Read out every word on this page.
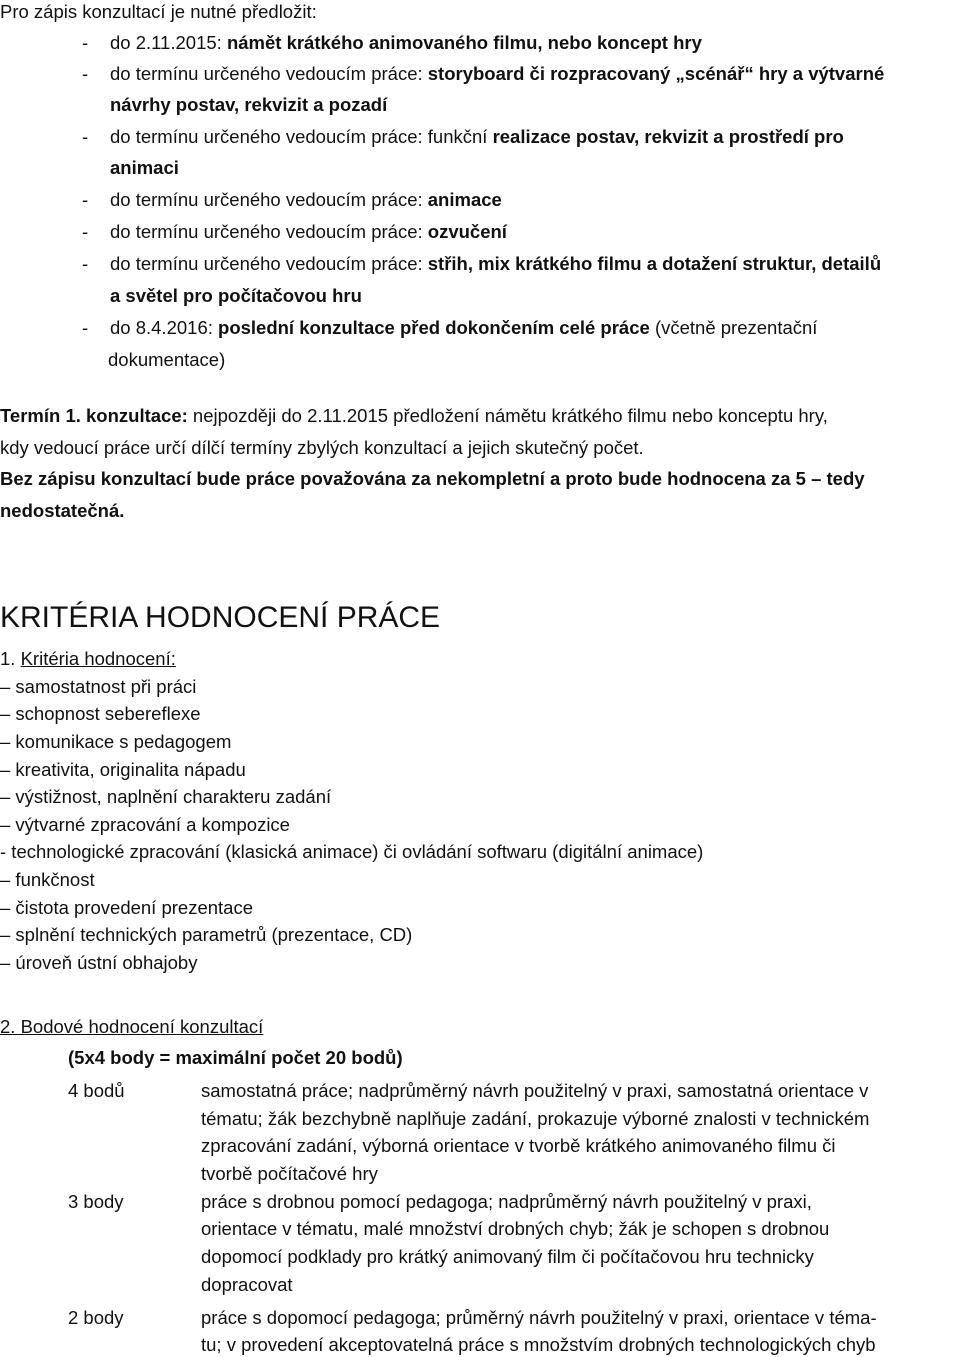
Pro zápis konzultací je nutné předložit:
- do 2.11.2015: námět krátkého animovaného filmu, nebo koncept hry
- do termínu určeného vedoucím práce: storyboard či rozpracovaný „scénář“ hry a výtvarné
návrhy postav, rekvizit a pozadí
- do termínu určeného vedoucím práce: funkční realizace postav, rekvizit a prostředí pro
animaci
- do termínu určeného vedoucím práce: animace
- do termínu určeného vedoucím práce: ozvučení
- do termínu určeného vedoucím práce: střih, mix krátkého filmu a dotažení struktur, detailů
a světel pro počítačovou hru
- do 8.4.2016: poslední konzultace před dokončením celé práce (včetně prezentační
dokumentace)
Termín 1. konzultace: nejpozději do 2.11.2015 předložení námětu krátkého filmu nebo konceptu hry,
kdy vedoucí práce určí dílčí termíny zbylých konzultací a jejich skutečný počet.
Bez zápisu konzultací bude práce považována za nekompletní a proto bude hodnocena za 5 – tedy
nedostatečná.
KRITÉRIA HODNOCENÍ PRÁCE
1. Kritéria hodnocení:
– samostatnost při práci
– schopnost sebereflexe
– komunikace s pedagogem
– kreativita, originalita nápadu
– výstižnost, naplnění charakteru zadání
– výtvarné zpracování a kompozice
- technologické zpracování (klasická animace) či ovládání softwaru (digitální animace)
– funkčnost
– čistota provedení prezentace
– splnění technických parametrů (prezentace, CD)
– úroveň ústní obhajoby
2. Bodové hodnocení konzultací
(5x4 body = maximální počet 20 bodů)
4 bodů	samostatná práce; nadprůměrný návrh použitelný v praxi, samostatná orientace v
tématu; žák bezchybně naplňuje zadání, prokazuje výborné znalosti v technickém
zpracování zadání, výborná orientace v tvorbě krátkého animovaného filmu či
tvorbě počítačové hry
3 body	práce s drobnou pomocí pedagoga; nadprůměrný návrh použitelný v praxi,
orientace v tématu, malé množství drobných chyb; žák je schopen s drobnou
dopomocí podklady pro krátký animovaný film či počítačovou hru technicky
dopracovat
2 body	práce s dopomocí pedagoga; průměrný návrh použitelný v praxi, orientace v téma-
tu; v provedení akceptovatelná práce s množstvím drobných technologických chyb
